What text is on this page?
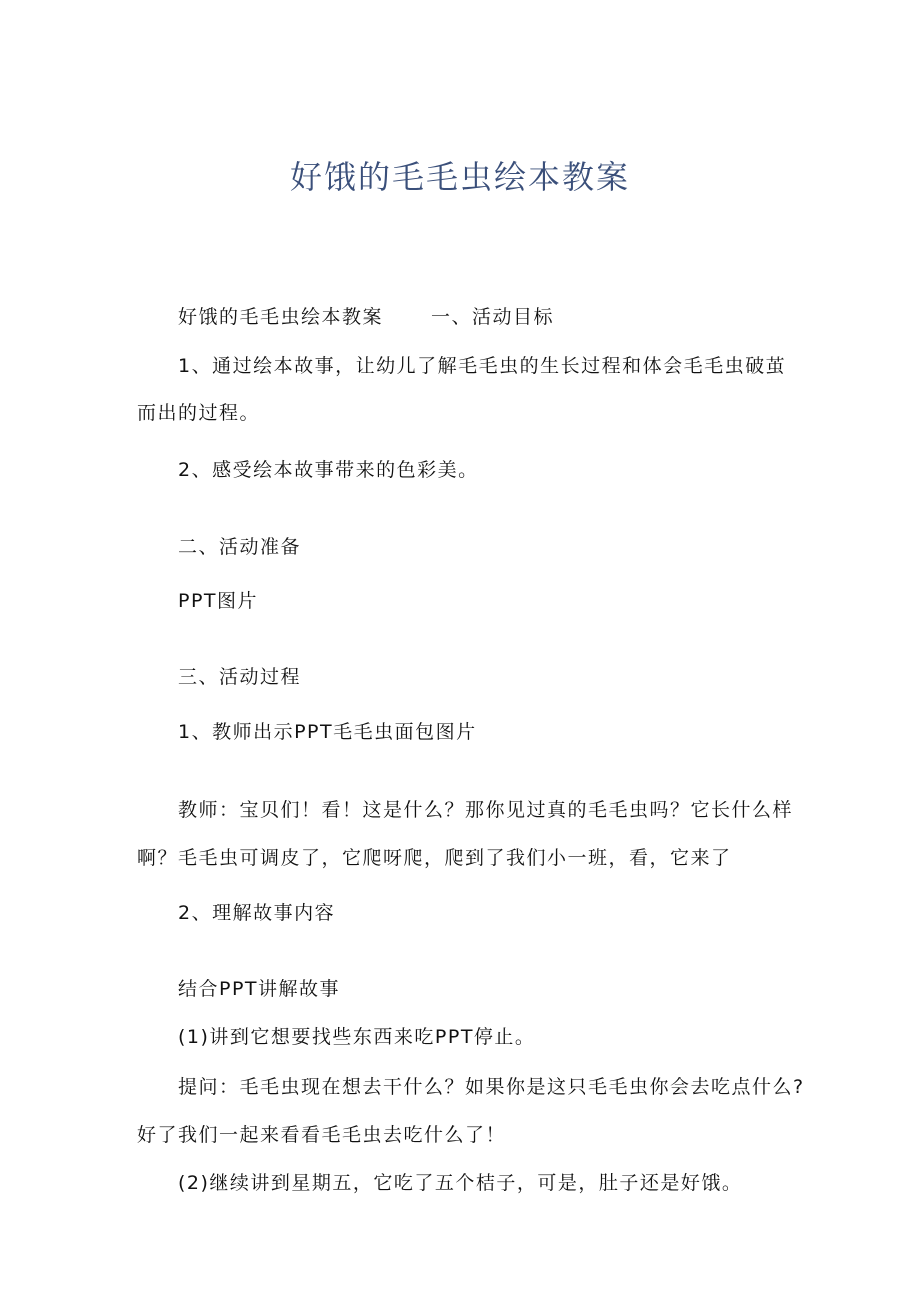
好饿的毛毛虫绘本教案
好饿的毛毛虫绘本教案	一、活动目标
1、通过绘本故事，让幼儿了解毛毛虫的生长过程和体会毛毛虫破茧
而出的过程。
2、感受绘本故事带来的色彩美。
二、活动准备
PPT图片
三、活动过程
1、教师出示PPT毛毛虫面包图片
教师：宝贝们！看！这是什么？那你见过真的毛毛虫吗？它长什么样
啊？毛毛虫可调皮了，它爬呀爬，爬到了我们小一班，看，它来了
2、理解故事内容
结合PPT讲解故事
(1)讲到它想要找些东西来吃PPT停止。
提问：毛毛虫现在想去干什么？如果你是这只毛毛虫你会去吃点什么?
好了我们一起来看看毛毛虫去吃什么了！
(2)继续讲到星期五，它吃了五个桔子，可是，肚子还是好饿。
